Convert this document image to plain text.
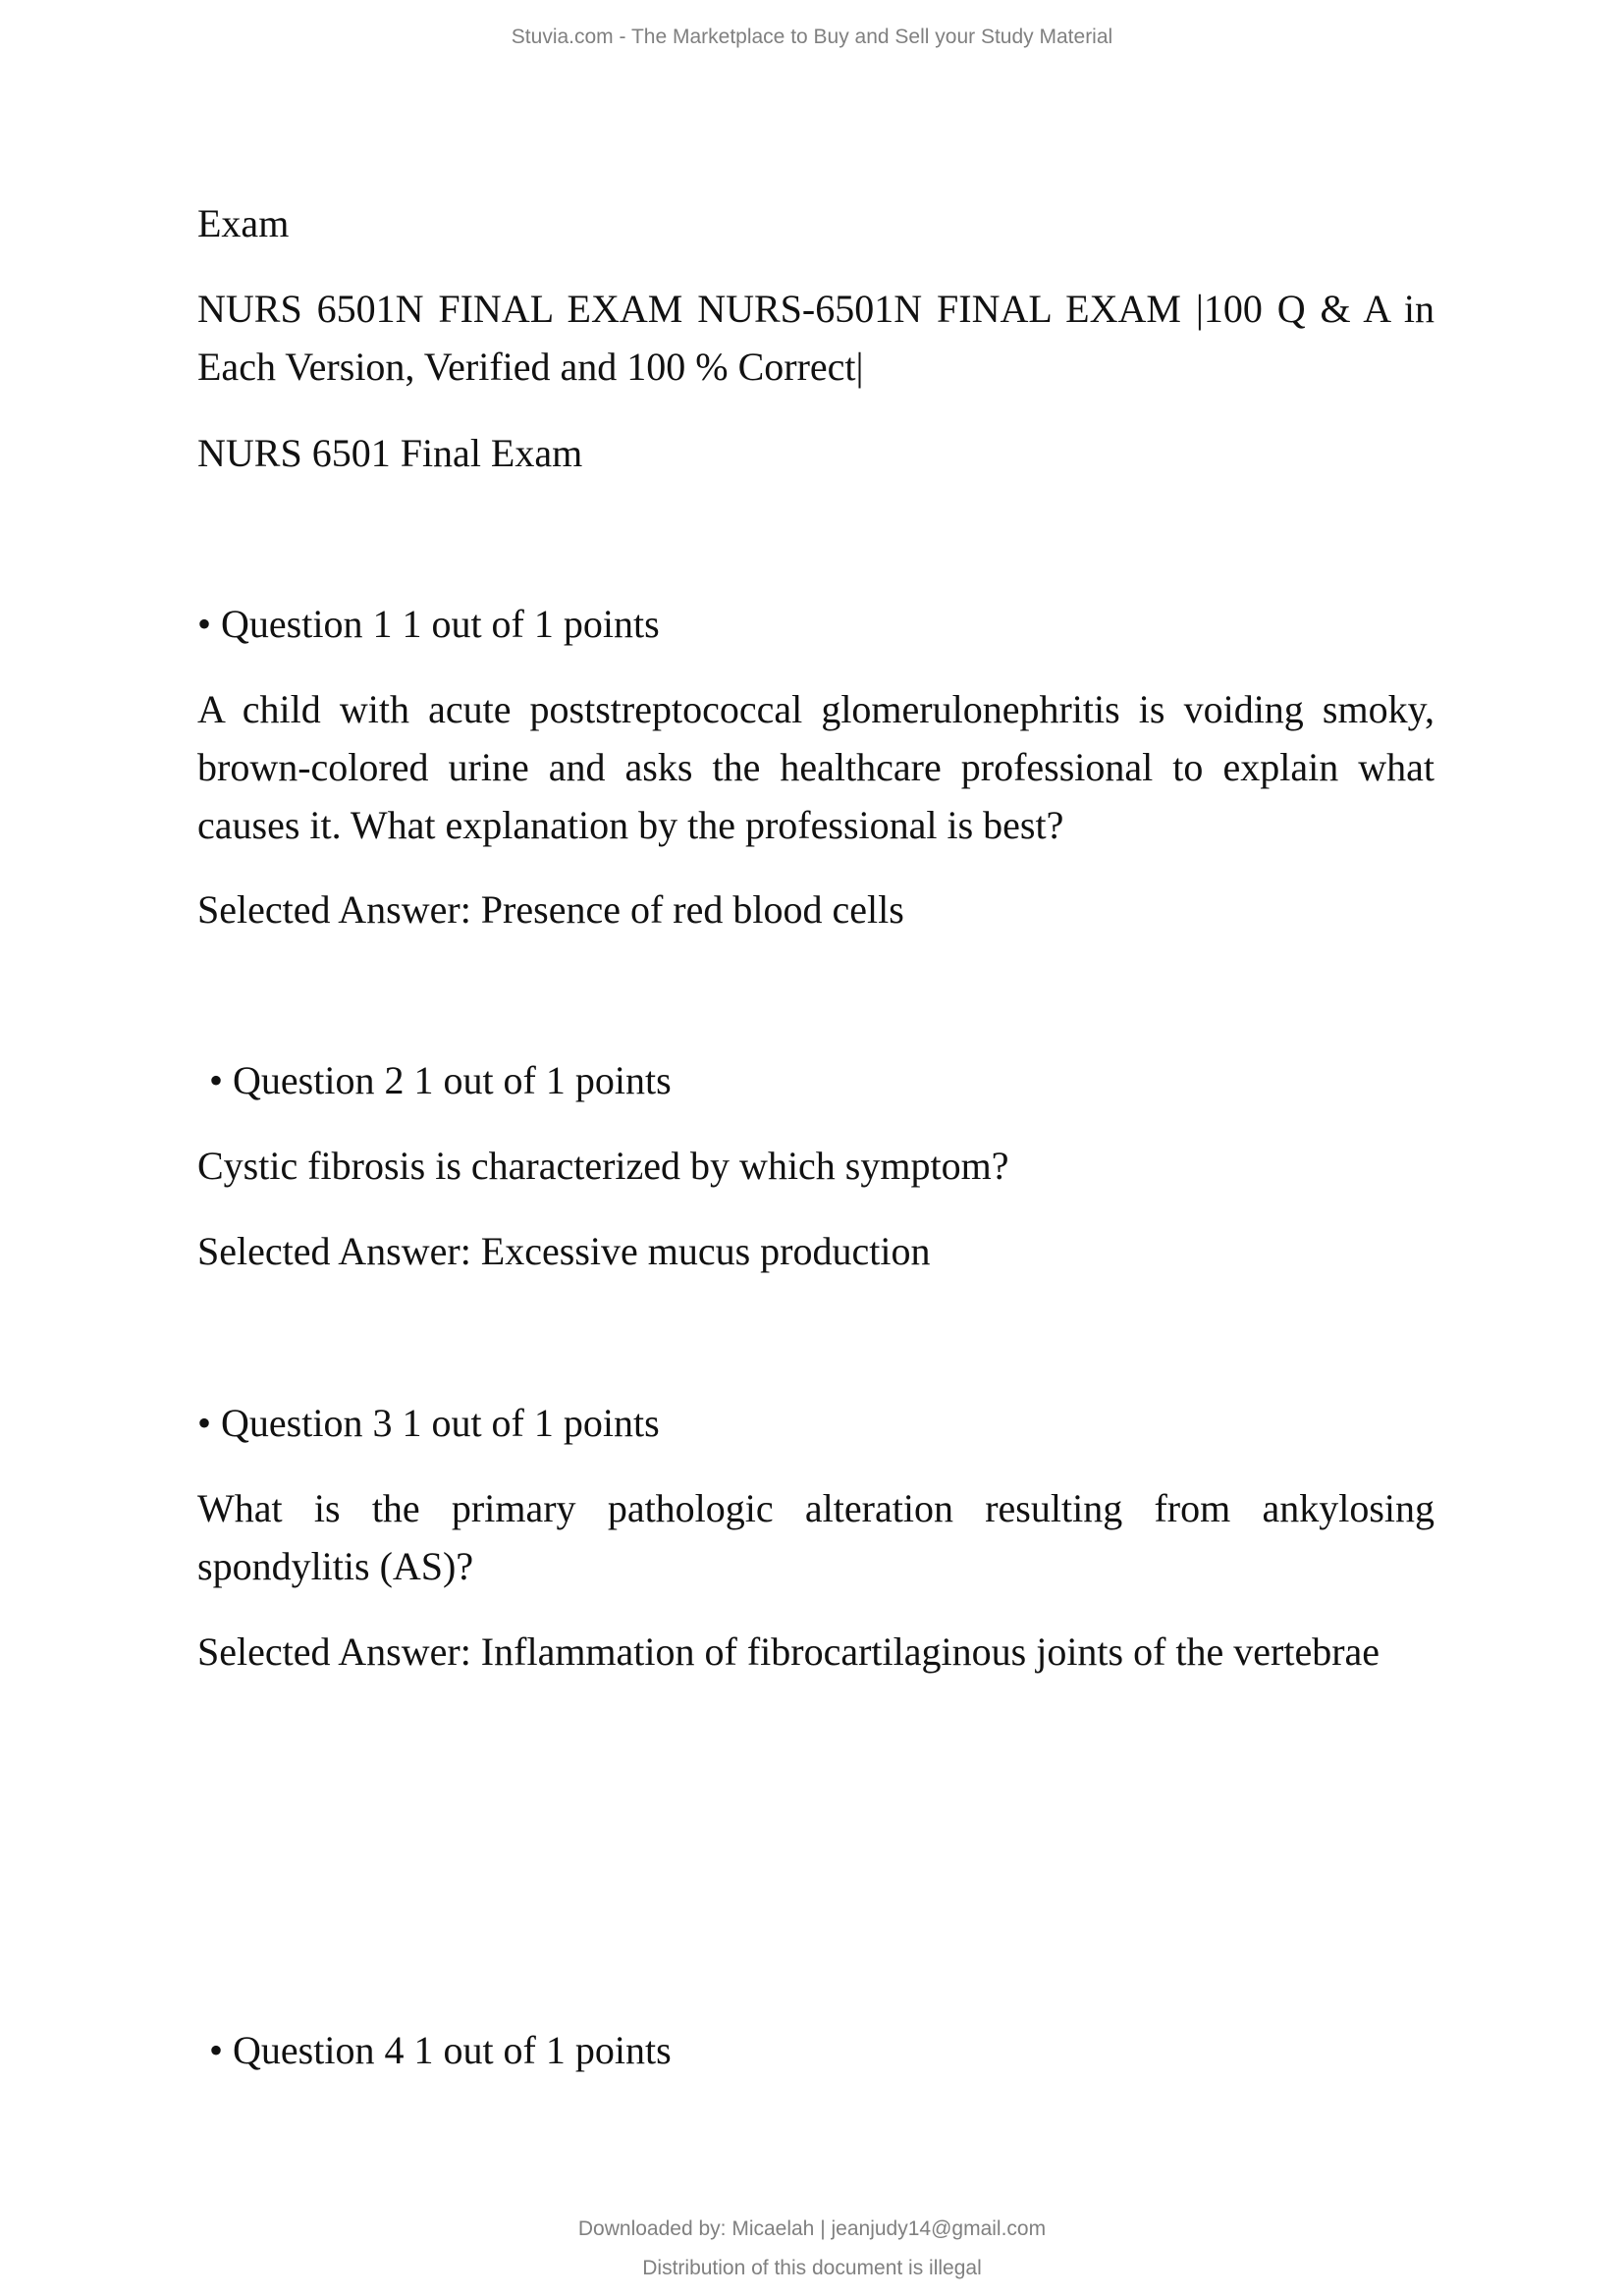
Stuvia.com - The Marketplace to Buy and Sell your Study Material
Exam
NURS 6501N FINAL EXAM NURS-6501N FINAL EXAM |100 Q & A in Each Version, Verified and 100 % Correct|
NURS 6501 Final Exam
• Question 1 1 out of 1 points
A child with acute poststreptococcal glomerulonephritis is voiding smoky, brown-colored urine and asks the healthcare professional to explain what causes it. What explanation by the professional is best?
Selected Answer: Presence of red blood cells
• Question 2 1 out of 1 points
Cystic fibrosis is characterized by which symptom?
Selected Answer: Excessive mucus production
• Question 3 1 out of 1 points
What is the primary pathologic alteration resulting from ankylosing spondylitis (AS)?
Selected Answer: Inflammation of fibrocartilaginous joints of the vertebrae
• Question 4 1 out of 1 points
Downloaded by: Micaelah | jeanjudy14@gmail.com
Distribution of this document is illegal
